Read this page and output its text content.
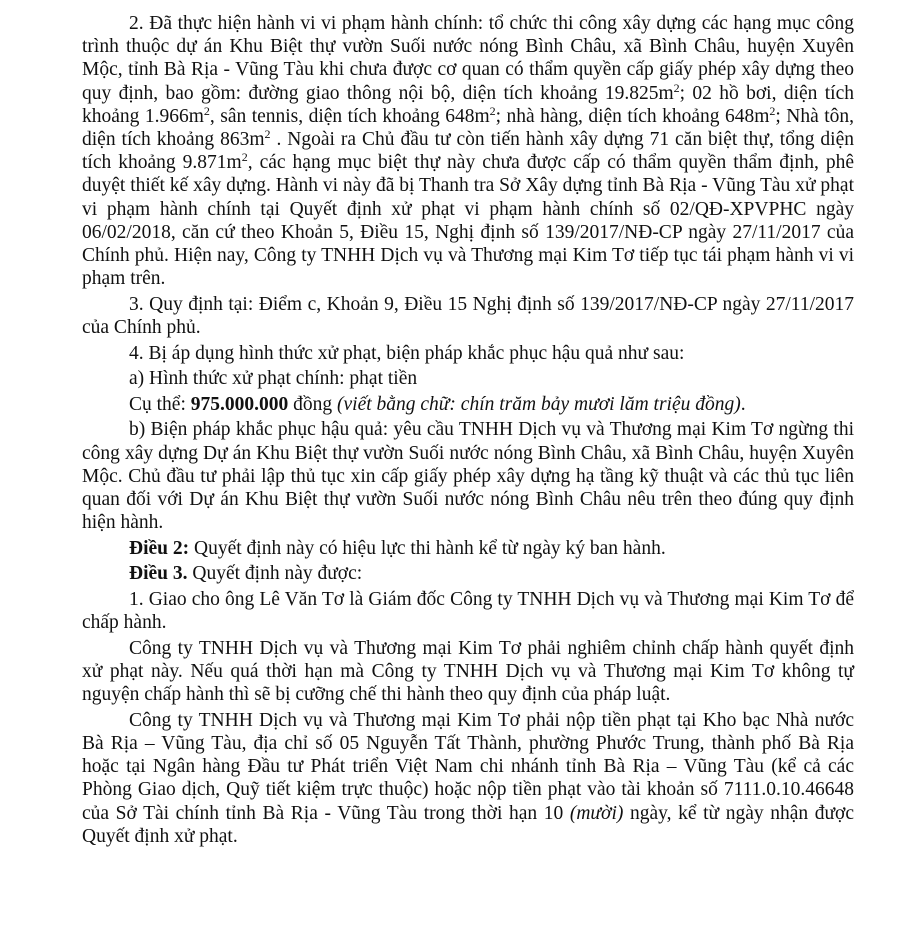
2. Đã thực hiện hành vi vi phạm hành chính: tổ chức thi công xây dựng các hạng mục công trình thuộc dự án Khu Biệt thự vườn Suối nước nóng Bình Châu, xã Bình Châu, huyện Xuyên Mộc, tỉnh Bà Rịa - Vũng Tàu khi chưa được cơ quan có thẩm quyền cấp giấy phép xây dựng theo quy định, bao gồm: đường giao thông nội bộ, diện tích khoảng $19.825m^2$; 02 hồ bơi, diện tích khoảng $1.966m^2$, sân tennis, diện tích khoảng $648m^2$; nhà hàng, diện tích khoảng $648m^2$; Nhà tôn, diện tích khoảng $863m^2$ . Ngoài ra Chủ đầu tư còn tiến hành xây dựng 71 căn biệt thự, tổng diện tích khoảng $9.871m^2$, các hạng mục biệt thự này chưa được cấp có thẩm quyền thẩm định, phê duyệt thiết kế xây dựng. Hành vi này đã bị Thanh tra Sở Xây dựng tỉnh Bà Rịa - Vũng Tàu xử phạt vi phạm hành chính tại Quyết định xử phạt vi phạm hành chính số 02/QĐ-XPVPHC ngày 06/02/2018, căn cứ theo Khoản 5, Điều 15, Nghị định số 139/2017/NĐ-CP ngày 27/11/2017 của Chính phủ. Hiện nay, Công ty TNHH Dịch vụ và Thương mại Kim Tơ tiếp tục tái phạm hành vi vi phạm trên.

3. Quy định tại: Điểm c, Khoản 9, Điều 15 Nghị định số 139/2017/NĐ-CP ngày 27/11/2017 của Chính phủ.

4. Bị áp dụng hình thức xử phạt, biện pháp khắc phục hậu quả như sau:

a) Hình thức xử phạt chính: phạt tiền

Cụ thể: 975.000.000 đồng (viết bằng chữ: chín trăm bảy mươi lăm triệu đồng).

b) Biện pháp khắc phục hậu quả: yêu cầu TNHH Dịch vụ và Thương mại Kim Tơ ngừng thi công xây dựng Dự án Khu Biệt thự vườn Suối nước nóng Bình Châu, xã Bình Châu, huyện Xuyên Mộc. Chủ đầu tư phải lập thủ tục xin cấp giấy phép xây dựng hạ tầng kỹ thuật và các thủ tục liên quan đối với Dự án Khu Biệt thự vườn Suối nước nóng Bình Châu nêu trên theo đúng quy định hiện hành.

Điều 2: Quyết định này có hiệu lực thi hành kể từ ngày ký ban hành.

Điều 3. Quyết định này được:

1. Giao cho ông Lê Văn Tơ là Giám đốc Công ty TNHH Dịch vụ và Thương mại Kim Tơ để chấp hành.

Công ty TNHH Dịch vụ và Thương mại Kim Tơ phải nghiêm chỉnh chấp hành quyết định xử phạt này. Nếu quá thời hạn mà Công ty TNHH Dịch vụ và Thương mại Kim Tơ không tự nguyện chấp hành thì sẽ bị cưỡng chế thi hành theo quy định của pháp luật.

Công ty TNHH Dịch vụ và Thương mại Kim Tơ phải nộp tiền phạt tại Kho bạc Nhà nước Bà Rịa – Vũng Tàu, địa chỉ số 05 Nguyễn Tất Thành, phường Phước Trung, thành phố Bà Rịa hoặc tại Ngân hàng Đầu tư Phát triển Việt Nam chi nhánh tỉnh Bà Rịa – Vũng Tàu (kể cả các Phòng Giao dịch, Quỹ tiết kiệm trực thuộc) hoặc nộp tiền phạt vào tài khoản số 7111.0.10.46648 của Sở Tài chính tỉnh Bà Rịa - Vũng Tàu trong thời hạn 10 (mười) ngày, kể từ ngày nhận được Quyết định xử phạt.
